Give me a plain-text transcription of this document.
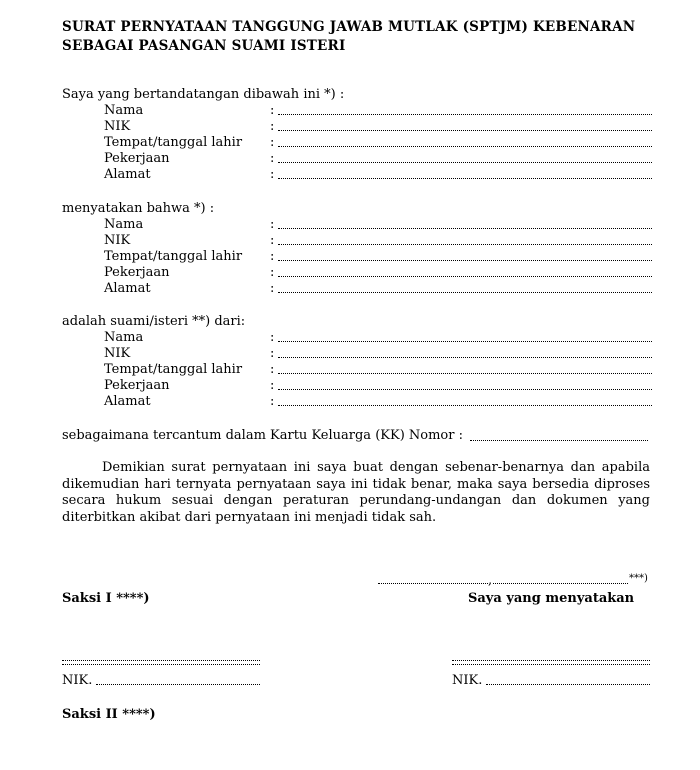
SURAT PERNYATAAN TANGGUNG JAWAB MUTLAK (SPTJM) KEBENARAN SEBAGAI PASANGAN SUAMI ISTERI
Saya yang bertandatangan dibawah ini *) :
Nama	:
NIK	:
Tempat/tanggal lahir :
Pekerjaan	:
Alamat	:
menyatakan bahwa *) :
Nama	:
NIK	:
Tempat/tanggal lahir :
Pekerjaan	:
Alamat	:
adalah suami/isteri **) dari:
Nama	:
NIK	:
Tempat/tanggal lahir :
Pekerjaan	:
Alamat	:
sebagaimana tercantum dalam Kartu Keluarga (KK) Nomor :
Demikian surat pernyataan ini saya buat dengan sebenar-benarnya dan apabila dikemudian hari ternyata pernyataan saya ini tidak benar, maka saya bersedia diproses secara hukum sesuai dengan peraturan perundang-undangan dan dokumen yang diterbitkan akibat dari pernyataan ini menjadi tidak sah.
,	***)
Saksi I ****)	Saya yang menyatakan
NIK.	NIK.
Saksi II ****)
